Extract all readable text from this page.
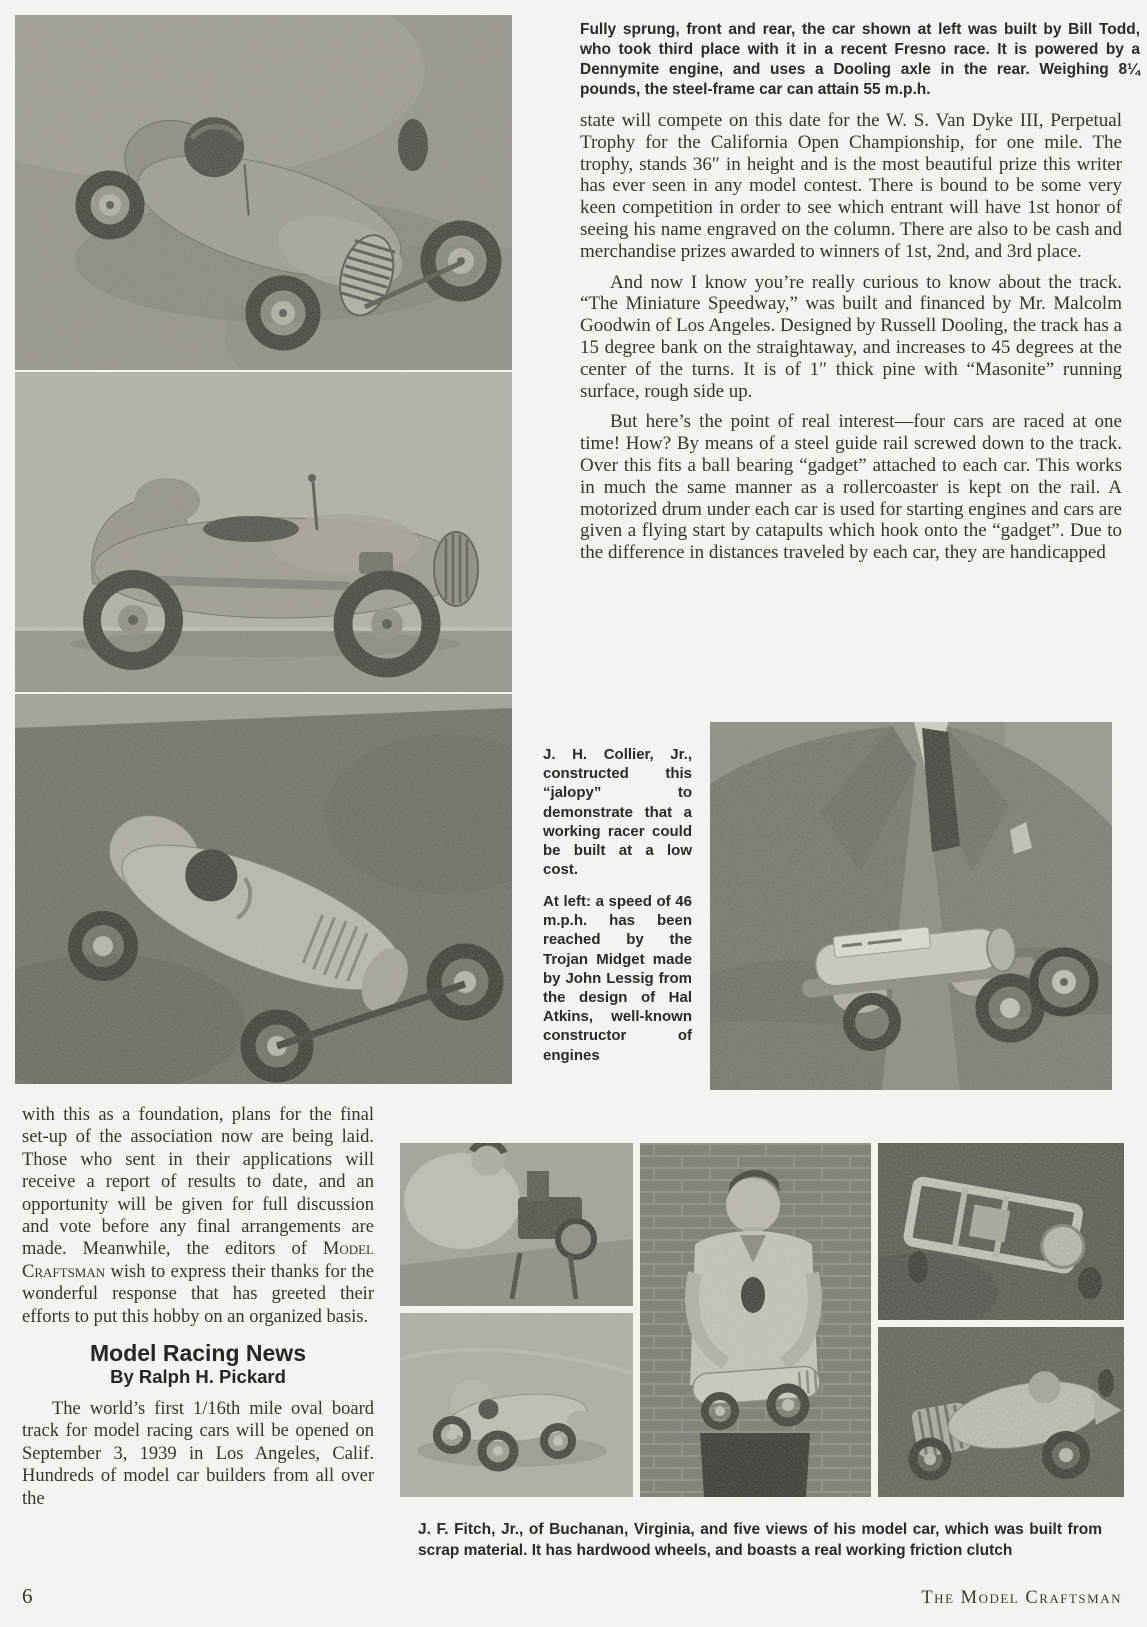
Fully sprung, front and rear, the car shown at left was built by Bill Todd, who took third place with it in a recent Fresno race. It is powered by a Dennymite engine, and uses a Dooling axle in the rear. Weighing 8¼ pounds, the steel-frame car can attain 55 m.p.h.

state will compete on this date for the W. S. Van Dyke III, Perpetual Trophy for the California Open Championship, for one mile. The trophy, stands 36″ in height and is the most beautiful prize this writer has ever seen in any model contest. There is bound to be some very keen competition in order to see which entrant will have 1st honor of seeing his name engraved on the column. There are also to be cash and merchandise prizes awarded to winners of 1st, 2nd, and 3rd place.

And now I know you’re really curious to know about the track. “The Miniature Speedway,” was built and financed by Mr. Malcolm Goodwin of Los Angeles. Designed by Russell Dooling, the track has a 15 degree bank on the straightaway, and increases to 45 degrees at the center of the turns. It is of 1″ thick pine with “Masonite” running surface, rough side up.

But here’s the point of real interest—four cars are raced at one time! How? By means of a steel guide rail screwed down to the track. Over this fits a ball bearing “gadget” attached to each car. This works in much the same manner as a rollercoaster is kept on the rail. A motorized drum under each car is used for starting engines and cars are given a flying start by catapults which hook onto the “gadget”. Due to the difference in distances traveled by each car, they are handicapped

J. H. Collier, Jr., constructed this “jalopy” to demonstrate that a working racer could be built at a low cost.

At left: a speed of 46 m.p.h. has been reached by the Trojan Midget made by John Lessig from the design of Hal Atkins, well-known constructor of engines

with this as a foundation, plans for the final set-up of the association now are being laid. Those who sent in their applications will receive a report of results to date, and an opportunity will be given for full discussion and vote before any final arrangements are made. Meanwhile, the editors of Model Craftsman wish to express their thanks for the wonderful response that has greeted their efforts to put this hobby on an organized basis.

Model Racing News
By Ralph H. Pickard

The world’s first 1/16th mile oval board track for model racing cars will be opened on September 3, 1939 in Los Angeles, Calif. Hundreds of model car builders from all over the

J. F. Fitch, Jr., of Buchanan, Virginia, and five views of his model car, which was built from scrap material. It has hardwood wheels, and boasts a real working friction clutch

6	The Model Craftsman
